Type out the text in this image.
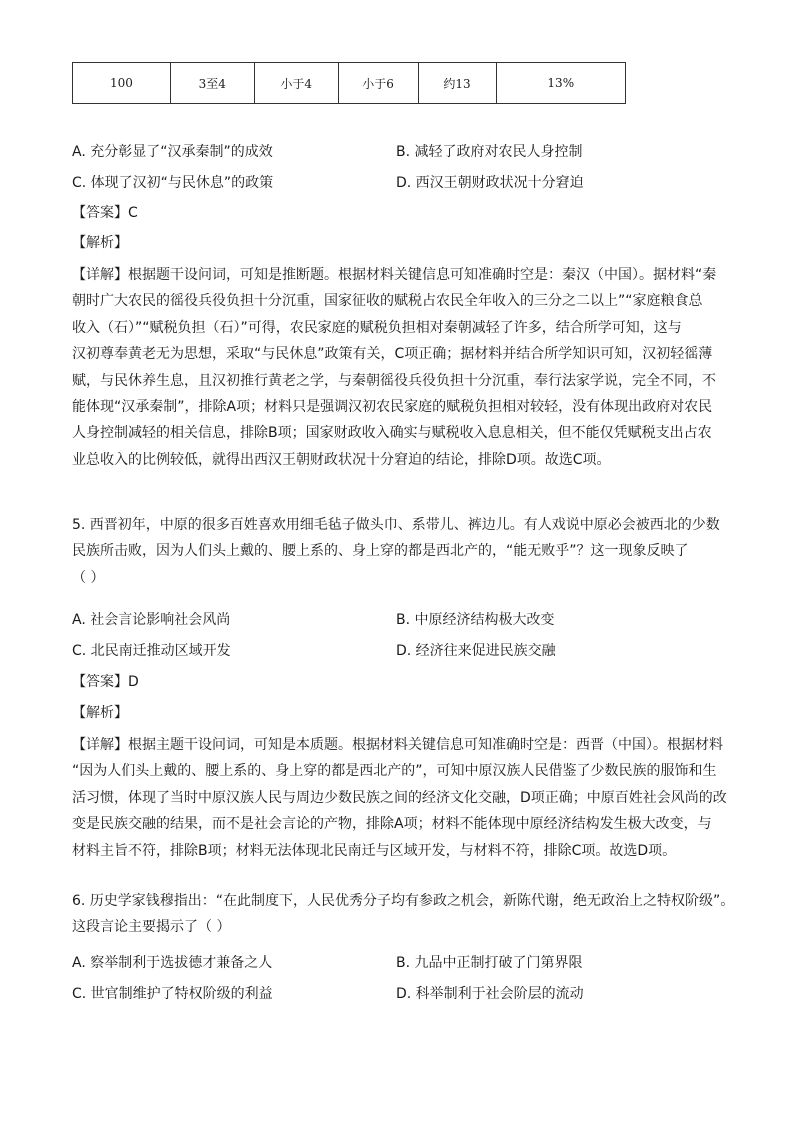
100	3至4	小于4	小于6	约13	13%
A. 充分彰显了“汉承秦制”的成效	B. 减轻了政府对农民人身控制
C. 体现了汉初“与民休息”的政策	D. 西汉王朝财政状况十分窘迫
【答案】C
【解析】
【详解】根据题干设问词，可知是推断题。根据材料关键信息可知准确时空是：秦汉（中国）。据材料“秦
朝时广大农民的徭役兵役负担十分沉重，国家征收的赋税占农民全年收入的三分之二以上”“家庭粮食总
收入（石）”“赋税负担（石）”可得，农民家庭的赋税负担相对秦朝减轻了许多，结合所学可知，这与
汉初尊奉黄老无为思想，采取“与民休息”政策有关，C项正确；据材料并结合所学知识可知，汉初轻徭薄
赋，与民休养生息，且汉初推行黄老之学，与秦朝徭役兵役负担十分沉重，奉行法家学说，完全不同，不
能体现“汉承秦制”，排除A项；材料只是强调汉初农民家庭的赋税负担相对较轻，没有体现出政府对农民
人身控制减轻的相关信息，排除B项；国家财政收入确实与赋税收入息息相关，但不能仅凭赋税支出占农
业总收入的比例较低，就得出西汉王朝财政状况十分窘迫的结论，排除D项。故选C项。
5. 西晋初年，中原的很多百姓喜欢用细毛毡子做头巾、系带儿、裤边儿。有人戏说中原必会被西北的少数
民族所击败，因为人们头上戴的、腰上系的、身上穿的都是西北产的，“能无败乎”？这一现象反映了
（ ）
A. 社会言论影响社会风尚	B. 中原经济结构极大改变
C. 北民南迁推动区域开发	D. 经济往来促进民族交融
【答案】D
【解析】
【详解】根据主题干设问词，可知是本质题。根据材料关键信息可知准确时空是：西晋（中国）。根据材料
“因为人们头上戴的、腰上系的、身上穿的都是西北产的”，可知中原汉族人民借鉴了少数民族的服饰和生
活习惯，体现了当时中原汉族人民与周边少数民族之间的经济文化交融，D项正确；中原百姓社会风尚的改
变是民族交融的结果，而不是社会言论的产物，排除A项；材料不能体现中原经济结构发生极大改变，与
材料主旨不符，排除B项；材料无法体现北民南迁与区域开发，与材料不符，排除C项。故选D项。
6. 历史学家钱穆指出：“在此制度下，人民优秀分子均有参政之机会，新陈代谢，绝无政治上之特权阶级”。
这段言论主要揭示了（ ）
A. 察举制利于选拔德才兼备之人	B. 九品中正制打破了门第界限
C. 世官制维护了特权阶级的利益	D. 科举制利于社会阶层的流动
